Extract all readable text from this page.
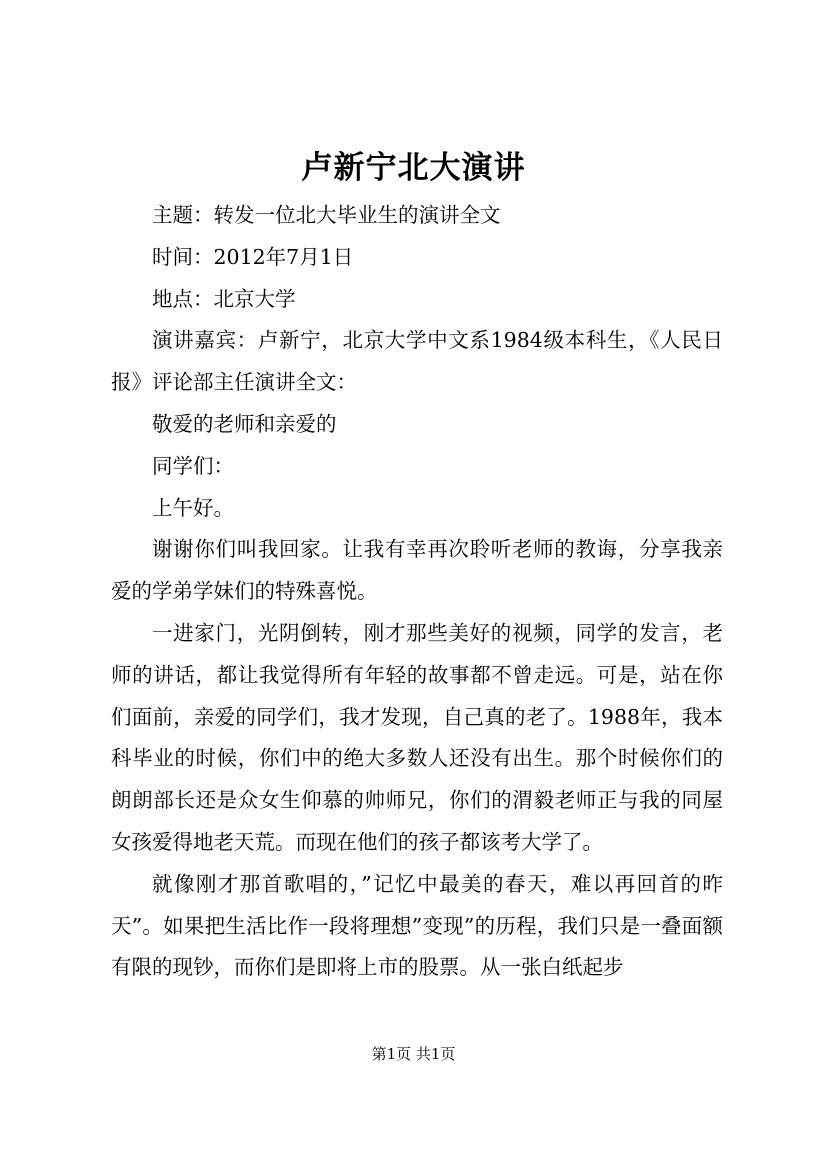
卢新宁北大演讲

主题：转发一位北大毕业生的演讲全文

时间：2012年7月1日

地点：北京大学

演讲嘉宾：卢新宁，北京大学中文系1984级本科生，《人民日报》评论部主任演讲全文：

敬爱的老师和亲爱的

同学们：

上午好。

谢谢你们叫我回家。让我有幸再次聆听老师的教诲，分享我亲爱的学弟学妹们的特殊喜悦。

一进家门，光阴倒转，刚才那些美好的视频，同学的发言，老师的讲话，都让我觉得所有年轻的故事都不曾走远。可是，站在你们面前，亲爱的同学们，我才发现，自己真的老了。1988年，我本科毕业的时候，你们中的绝大多数人还没有出生。那个时候你们的朗朗部长还是众女生仰慕的帅师兄，你们的渭毅老师正与我的同屋女孩爱得地老天荒。而现在他们的孩子都该考大学了。

就像刚才那首歌唱的，”记忆中最美的春天，难以再回首的昨天”。如果把生活比作一段将理想”变现”的历程，我们只是一叠面额有限的现钞，而你们是即将上市的股票。从一张白纸起步

第1页 共1页
